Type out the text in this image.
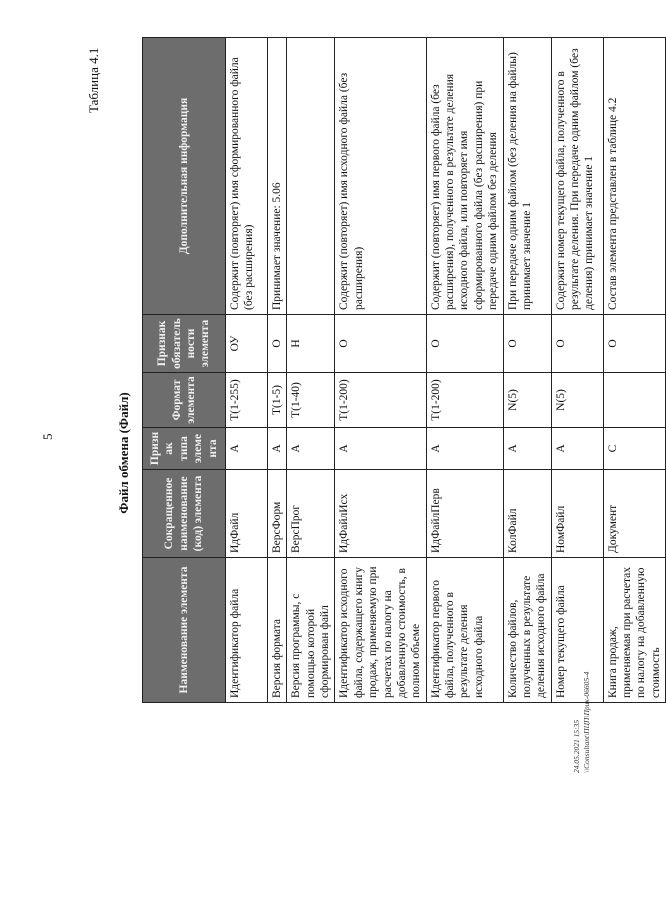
5
Таблица 4.1
Файл обмена (Файл)
Наименование элемента	Сокращенное наименование (код) элемента	Признак типа элемента	Формат элемента	Признак обязательности элемента	Дополнительная информация
Идентификатор файла	ИдФайл	А	Т(1-255)	ОУ	Содержит (повторяет) имя сформированного файла (без расширения)
Версия формата	ВерсФорм	А	Т(1-5)	О	Принимает значение: 5.06
Версия программы, с помощью которой сформирован файл	ВерсПрог	А	Т(1-40)	Н	
Идентификатор исходного файла, содержащего книгу продаж, применяемую при расчетах по налогу на добавленную стоимость, в полном объеме	ИдФайлИсх	А	Т(1-200)	О	Содержит (повторяет) имя исходного файла (без расширения)
Идентификатор первого файла, полученного в результате деления исходного файла	ИдФайлПерв	А	Т(1-200)	О	Содержит (повторяет) имя первого файла (без расширения), полученного в результате деления исходного файла, или повторяет имя сформированного файла (без расширения) при передаче одним файлом без деления
Количество файлов, полученных в результате деления исходного файла	КолФайл	А	N(5)	О	При передаче одним файлом (без деления на файлы) принимает значение 1
Номер текущего файла	НомФайл	А	N(5)	О	Содержит номер текущего файла, полученного в результате деления. При передаче одним файлом (без деления) принимает значение 1
Книга продаж, применяемая при расчетах по налогу на добавленную стоимость	Документ	С		О	Состав элемента представлен в таблице 4.2
24.05.2021 15:35 \\Consultant\ПЦП\Прик-06605-4
